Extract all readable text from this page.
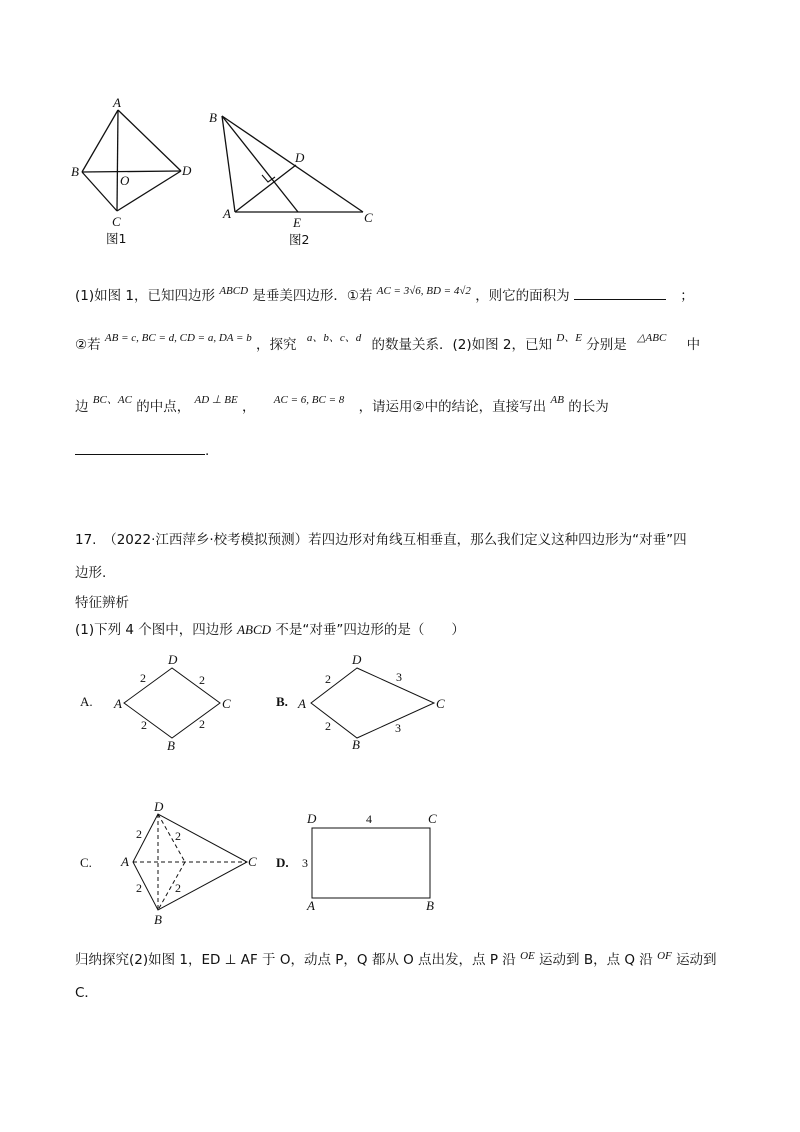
A
B
O
D
C
图1
B
D
A
E	C
图2
(1)如图 1，已知四边形 $^{ABCD}$ 是垂美四边形．①若 $^{AC = 3√6, BD = 4√2}$ ，则它的面积为	；
②若 $^{AB = c, BC = d, CD = a, DA = b}$ ，探究 $^{a、b、c、d}$ 的数量关系．(2)如图 2，已知 $^{D、E}$ 分别是 $^{\triangle ABC}$ 中
边 $^{BC、AC}$ 的中点， $^{AD \perp BE}$ ， $^{AC = 6, BC = 8}$ ，请运用②中的结论，直接写出 $^{AB}$ 的长为
.
17.　（2022·江西萍乡·校考模拟预测）若四边形对角线互相垂直，那么我们定义这种四边形为“对垂”四
边形.
特征辨析
(1)下列 4 个图中，四边形 ABCD 不是“对垂”四边形的是（　　）
A.
D
A	C
B
2	2
2	2
B.
D
A	C
B
2	3
2	3
C.
D
A	C
B
2	2
2	2
D.
D	C
A	B
4
3
归纳探究(2)如图 1，ED ⊥ AF 于 O，动点 P，Q 都从 O 点出发，点 P 沿 $^{OE}$ 运动到 B，点 Q 沿 $^{OF}$ 运动到
C．
